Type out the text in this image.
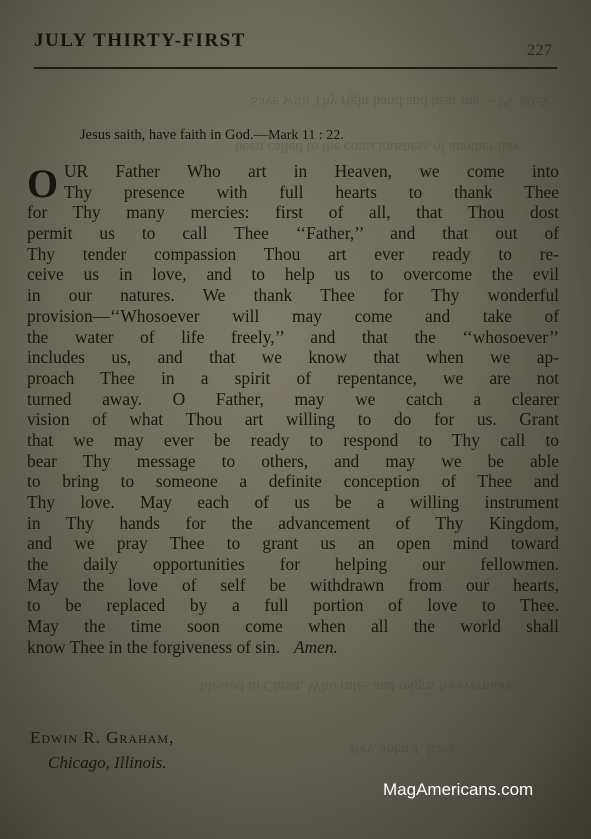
Save with Thy right hand and hear me.—Ps. 60:5.
been called to the consciousness of another day.
blessed in Christ, Who rules and reigns forevermore.
Rev. John J. Ross,
JULY THIRTY-FIRST	227
Jesus saith, have faith in God.—Mark 11 : 22.
O UR Father Who art in Heaven, we come into
Thy presence with full hearts to thank Thee
for Thy many mercies: first of all, that Thou dost
permit us to call Thee ‘‘Father,’’ and that out of
Thy tender compassion Thou art ever ready to re-
ceive us in love, and to help us to overcome the evil
in our natures. We thank Thee for Thy wonderful
provision—‘‘Whosoever will may come and take of
the water of life freely,’’ and that the ‘‘whosoever’’
includes us, and that we know that when we ap-
proach Thee in a spirit of repentance, we are not
turned away. O Father, may we catch a clearer
vision of what Thou art willing to do for us. Grant
that we may ever be ready to respond to Thy call to
bear Thy message to others, and may we be able
to bring to someone a definite conception of Thee and
Thy love. May each of us be a willing instrument
in Thy hands for the advancement of Thy Kingdom,
and we pray Thee to grant us an open mind toward
the daily opportunities for helping our fellowmen.
May the love of self be withdrawn from our hearts,
to be replaced by a full portion of love to Thee.
May the time soon come when all the world shall
know Thee in the forgiveness of sin. Amen.
Edwin R. Graham,
Chicago, Illinois.
MagAmericans.com
